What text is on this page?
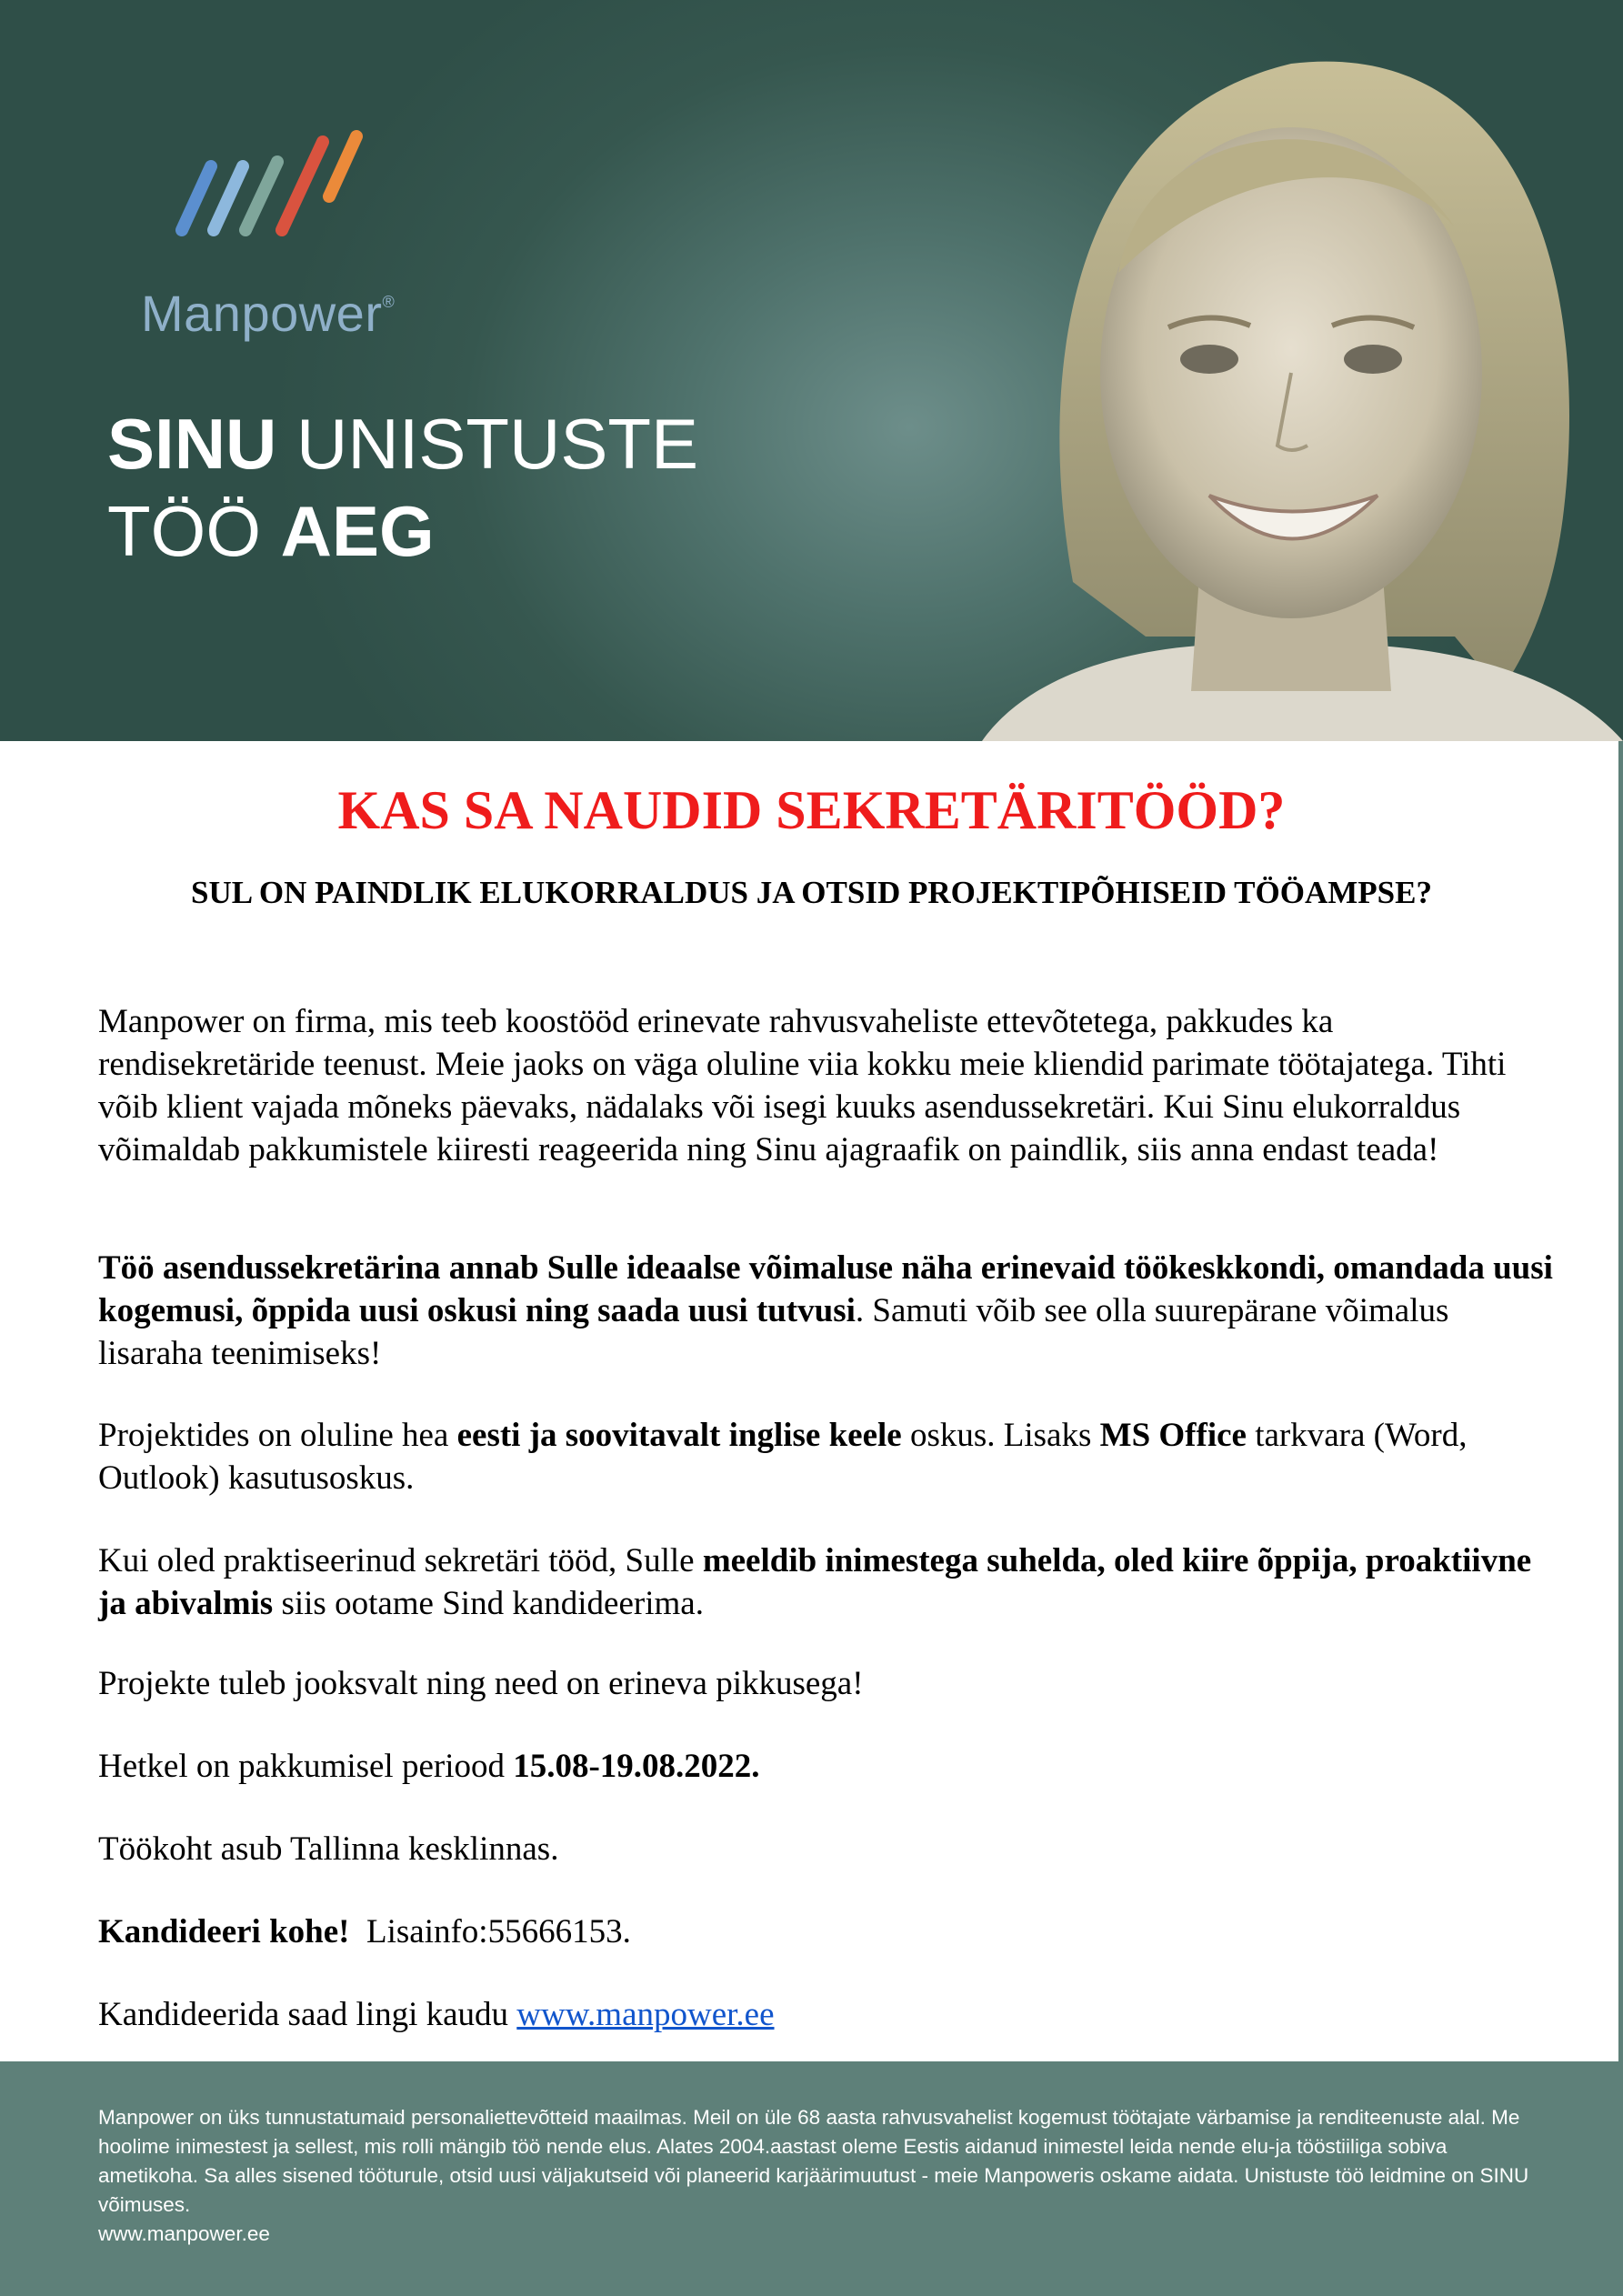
Manpower®
SINU UNISTUSTE
TÖÖ AEG
KAS SA NAUDID SEKRETÄRITÖÖD?
SUL ON PAINDLIK ELUKORRALDUS JA OTSID PROJEKTIPÕHISEID TÖÖAMPSE?

Manpower on firma, mis teeb koostööd erinevate rahvusvaheliste ettevõtetega, pakkudes ka rendisekretäride teenust. Meie jaoks on väga oluline viia kokku meie kliendid parimate töötajatega. Tihti võib klient vajada mõneks päevaks, nädalaks või isegi kuuks asendussekretäri. Kui Sinu elukorraldus võimaldab pakkumistele kiiresti reageerida ning Sinu ajagraafik on paindlik, siis anna endast teada!

Töö asendussekretärina annab Sulle ideaalse võimaluse näha erinevaid töökeskkondi, omandada uusi kogemusi, õppida uusi oskusi ning saada uusi tutvusi. Samuti võib see olla suurepärane võimalus lisaraha teenimiseks!

Projektides on oluline hea eesti ja soovitavalt inglise keele oskus. Lisaks MS Office tarkvara (Word, Outlook) kasutusoskus.

Kui oled praktiseerinud sekretäri tööd, Sulle meeldib inimestega suhelda, oled kiire õppija, proaktiivne ja abivalmis siis ootame Sind kandideerima.

Projekte tuleb jooksvalt ning need on erineva pikkusega!

Hetkel on pakkumisel periood 15.08-19.08.2022.

Töökoht asub Tallinna kesklinnas.

Kandideeri kohe!  Lisainfo:55666153.

Kandideerida saad lingi kaudu www.manpower.ee

Manpower on üks tunnustatumaid personaliettevõtteid maailmas. Meil on üle 68 aasta rahvusvahelist kogemust töötajate värbamise ja renditeenuste alal. Me hoolime inimestest ja sellest, mis rolli mängib töö nende elus. Alates 2004.aastast oleme Eestis aidanud inimestel leida nende elu-ja tööstiiliga sobiva ametikoha. Sa alles sisened tööturule, otsid uusi väljakutseid või planeerid karjäärimuutust - meie Manpoweris oskame aidata. Unistuste töö leidmine on SINU võimuses.
www.manpower.ee
